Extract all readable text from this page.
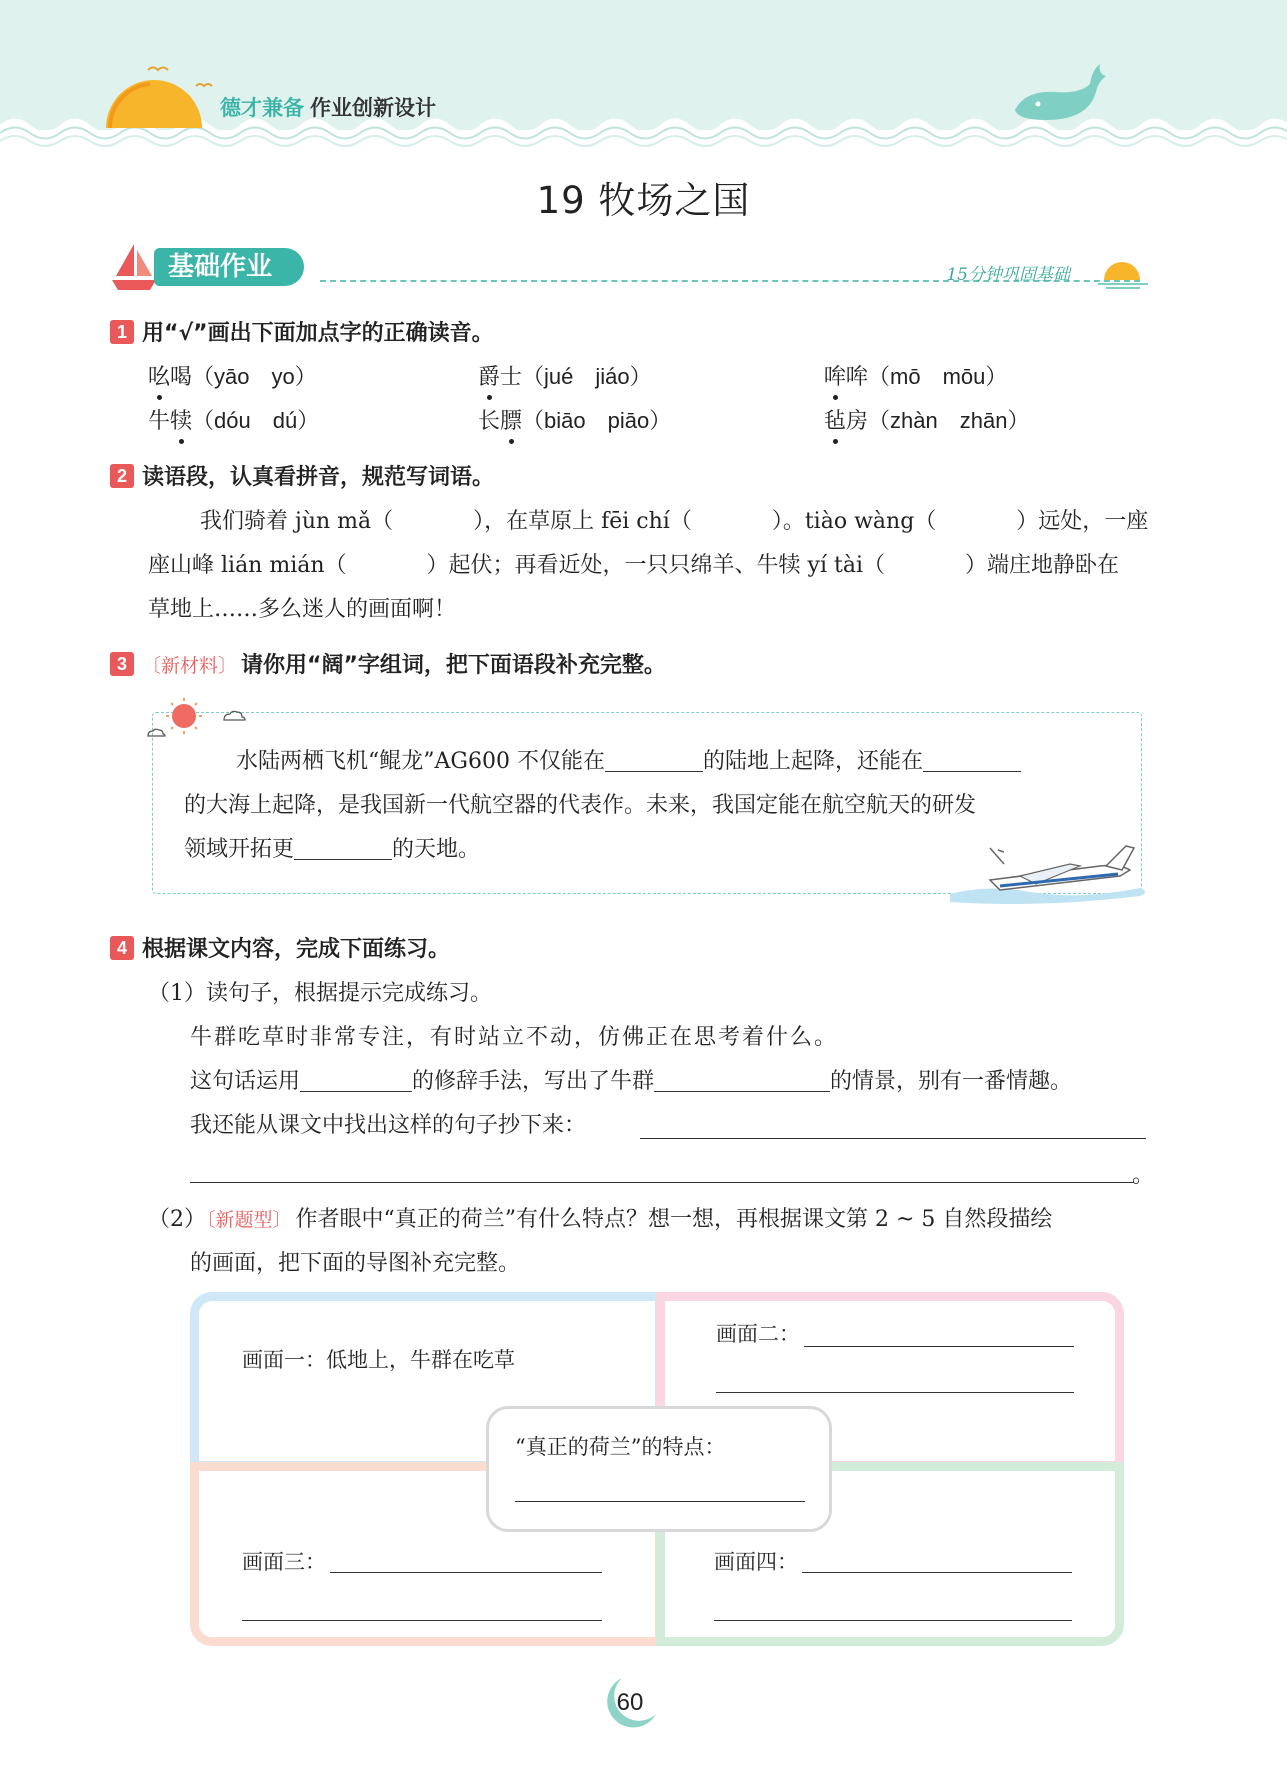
德才兼备 作业创新设计
19 牧场之国
基础作业	15分钟巩固基础
1 用“√”画出下面加点字的正确读音。
吆喝（yāo　yo）	爵士（jué　jiáo）	哞哞（mō　mōu）
牛犊（dóu　dú）	长膘（biāo　piāo）	毡房（zhàn　zhān）
2 读语段，认真看拼音，规范写词语。
我们骑着 jùn mǎ（	），在草原上 fēi chí（	）。tiào wàng（	）远处，一座
座山峰 lián mián（	）起伏；再看近处，一只只绵羊、牛犊 yí tài（	）端庄地静卧在
草地上……多么迷人的画面啊！
3 〔新材料〕 请你用“阔”字组词，把下面语段补充完整。
水陆两栖飞机“鲲龙”AG600 不仅能在	的陆地上起降，还能在
的大海上起降，是我国新一代航空器的代表作。未来，我国定能在航空航天的研发
领域开拓更	的天地。
4 根据课文内容，完成下面练习。
（1）读句子，根据提示完成练习。
牛群吃草时非常专注，有时站立不动，仿佛正在思考着什么。
这句话运用	的修辞手法，写出了牛群	的情景，别有一番情趣。
我还能从课文中找出这样的句子抄下来：
。
（2）〔新题型〕 作者眼中“真正的荷兰”有什么特点？想一想，再根据课文第 2 ~ 5 自然段描绘
的画面，把下面的导图补充完整。
画面一：低地上，牛群在吃草
画面二：
画面三：	画面四：
“真正的荷兰”的特点：
60
